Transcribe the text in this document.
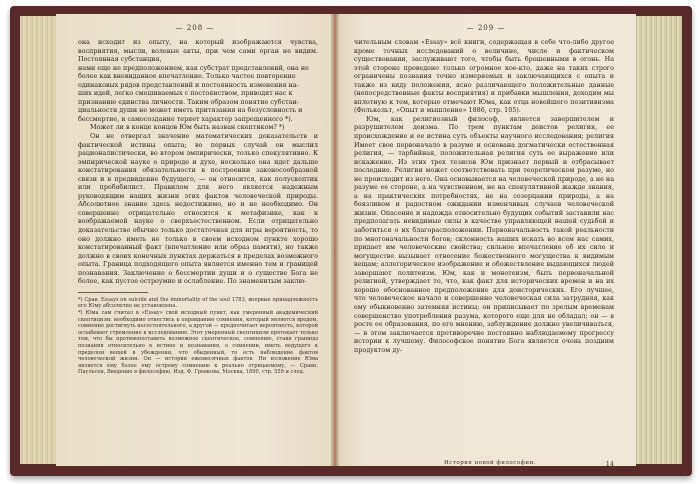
— 208 —

она исходит из опыту, на который изображаются чувства, восприятия, мысли, волевые акты, при чем сами орган не видим. Постоянная субстанция,

нами еще не предположением, как субстрат представлений, она не

более как вневиданное впечатление. Только частое повторение

одинаковых рядов представлений и постоянность изменения на-

ших идей, легко смешиваемых с постоянством, приводят нас к

признанию единства личности. Таким образом понятие субстан-

циальности души не может иметь притязания на безусловность и

бессмертие, и самосоздание теряет характер запрещенного *).

Может ли в конце концов Юм быть назван скептиком? *)

Он не отвергал значение математических доказательств и фактической истины опыта; во первых случай он мыслил рационалистически, во втором эмпирически, только спекулятивно. К эмпирической науке о природе и духе, несколько она идет дальше констатирования обязательности в построении законосообразной связи и в предвидение будущего, — он относится, как полускептик или пробабилист. Правилом для него является надежным руководящим наших жизни этих фактов человеческой природы. Абсолютное знание здесь недостижимо, но и не необходимо. Он совершенно отрицательно относится к метафизике, как к воображаемой науке о сверхъестественном. Если отрицательно доказательство обычно только достаточная для игры вероятность, то оно должно иметь не только в своем исходном пункте хорошо констатированный факт (впечатление или образ памяти), но также должно в своих конечных пунктах держаться в пределах возможного опыта. Граница подходящего опыта является именно тем и границей познавания. Заключение о бессмертии души и о существе Бога не более, как пустое остроумие и ослабление. По знаменитым заклю-

*) Срав. Essays on suicide and the immortality of the soul 1783, впервые принадлежность его Юму абсолютно не установлена.

*) Юма сам считал в «Essay» свой исходный пункт, как умеренный академический скептицизм: необходимо отнестись к оправданию сомнения, который является вредом, сомнение достигнуть несостоятельного, а другой — предпочитает вероятность, которой ослабевает стремление к исследованию. Этот умеренный скептицизм протекает только тем, что бы противопоставить возможное скептическое, сомнению, ставя границы познания относительно к истине и познавания, о сомнении, иметь ведущего к пределом вещей в убеждении, что обыденный, то есть наблюдение фактов человеческой жизни. Он — историк ежемесячных фактов. Ни изложение Юма является ему более ему острому сомнению к реально отрицаемому, — Сравн. Паульсен, Введение в философию, Изд. Ф. Гревкова, Москва, 1890, стр. 559 и след.

— 209 —

чительным словам «Essay» всё книги, содержащая в себе что-либо другое кроме точных исследований о величине, числе и фактическом существовании, заслуживают того, чтобы быть брошенными в огонь. На этой стороне проведено только огромное кое-кто, даже на таких строго ограничены познания точно измеряемых и заключающихся с опыта и также из виду положения, ясно различающего положительные данные (непосредственные факты восприятия) и прибавки мышления, доходим мы вплотную к тем, которые отмечают Юма, как отца новейшего позитивизма (Фолькельт, «Опыт и мышление» 1886, стр. 105).

Юм, как религиозный философ, является завершителем и разрушителем деизма. По трем пунктам деистов религия, ее происхождение и ее истина суть объекты научного исследования; религия Имеет свое первоначало в разуме и основана догматически естественная религия, — тарбийная, положительная религия суть ее выражение или искажение. Из этих трех тезисов Юм признает первый и отбрасывает последние. Религии может соответствовать при теоретическом разуме, но не происходит из него. Она основывается на человеческой природе, а не на разуме ее стороне, а на чувственном, не на спекулятивной жажде знания, а на практических потребностях, не на созерцании природы, а на боязливом и радостном ожидании изменчивых случаев человеческой жизни. Опасение и надежда относительно будущих событий заставили нас предполагать невидимые силы в качестве управляющей нашей судьбой и заботиться о их благорасположении. Первоначальность такой реальности по многоначальности богов; склонность наших искать во всем нас самих, придает им человеческие свойства; сильное впечатление об их силе и могуществе вызывает отнесение божественного могущества к видимым вещам; аллегорическое изображение и обожествление выдающихся людей завершают политеизм. Юм, как и монотеизм, быть первоначальной религией, утверждает то, что, как факт для исторических времен и на их хорошо обоснованное предположение для доисторических. Его лучшее, что человеческое начало и совершенно человеческая сила затрудняя, как ему обыкновенно затемняя истины; он приписывает по зрелым временам совершенство употребления разума, которого еще для не обладал; он — в росте ее образования, по его мнению, заблуждение должно увеличиваться, — в этом заключается противоречие постоянно наблюдаемому прогрессу истории к лучшему. Философское понятие Бога является очень поздним продуктом ду-

История новой философии.	14
